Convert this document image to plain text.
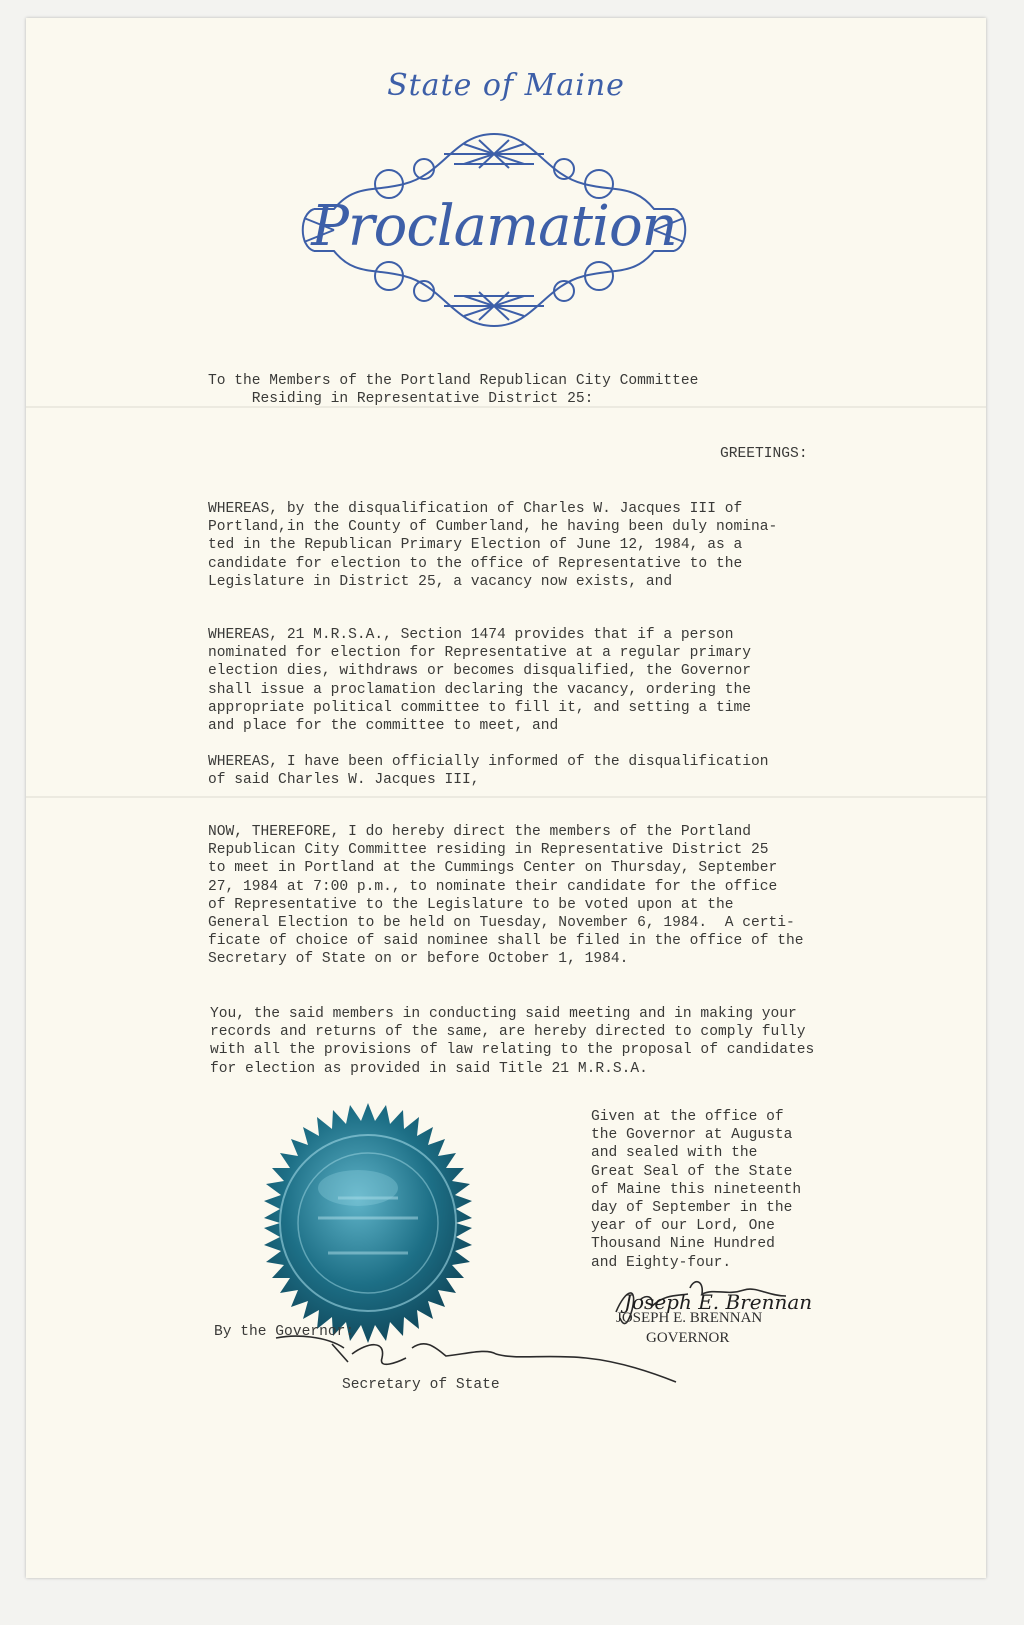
State of Maine
Proclamation
To the Members of the Portland Republican City Committee
Residing in Representative District 25:
GREETINGS:
WHEREAS, by the disqualification of Charles W. Jacques III of
Portland,in the County of Cumberland, he having been duly nomina-
ted in the Republican Primary Election of June 12, 1984, as a
candidate for election to the office of Representative to the
Legislature in District 25, a vacancy now exists, and
WHEREAS, 21 M.R.S.A., Section 1474 provides that if a person
nominated for election for Representative at a regular primary
election dies, withdraws or becomes disqualified, the Governor
shall issue a proclamation declaring the vacancy, ordering the
appropriate political committee to fill it, and setting a time
and place for the committee to meet, and
WHEREAS, I have been officially informed of the disqualification
of said Charles W. Jacques III,
NOW, THEREFORE, I do hereby direct the members of the Portland
Republican City Committee residing in Representative District 25
to meet in Portland at the Cummings Center on Thursday, September
27, 1984 at 7:00 p.m., to nominate their candidate for the office
of Representative to the Legislature to be voted upon at the
General Election to be held on Tuesday, November 6, 1984.  A certi-
ficate of choice of said nominee shall be filed in the office of the
Secretary of State on or before October 1, 1984.
You, the said members in conducting said meeting and in making your
records and returns of the same, are hereby directed to comply fully
with all the provisions of law relating to the proposal of candidates
for election as provided in said Title 21 M.R.S.A.
Given at the office of
the Governor at Augusta
and sealed with the
Great Seal of the State
of Maine this nineteenth
day of September in the
year of our Lord, One
Thousand Nine Hundred
and Eighty-four.
By the Governor:
Secretary of State
Joseph E. Brennan
JOSEPH E. BRENNAN
GOVERNOR
